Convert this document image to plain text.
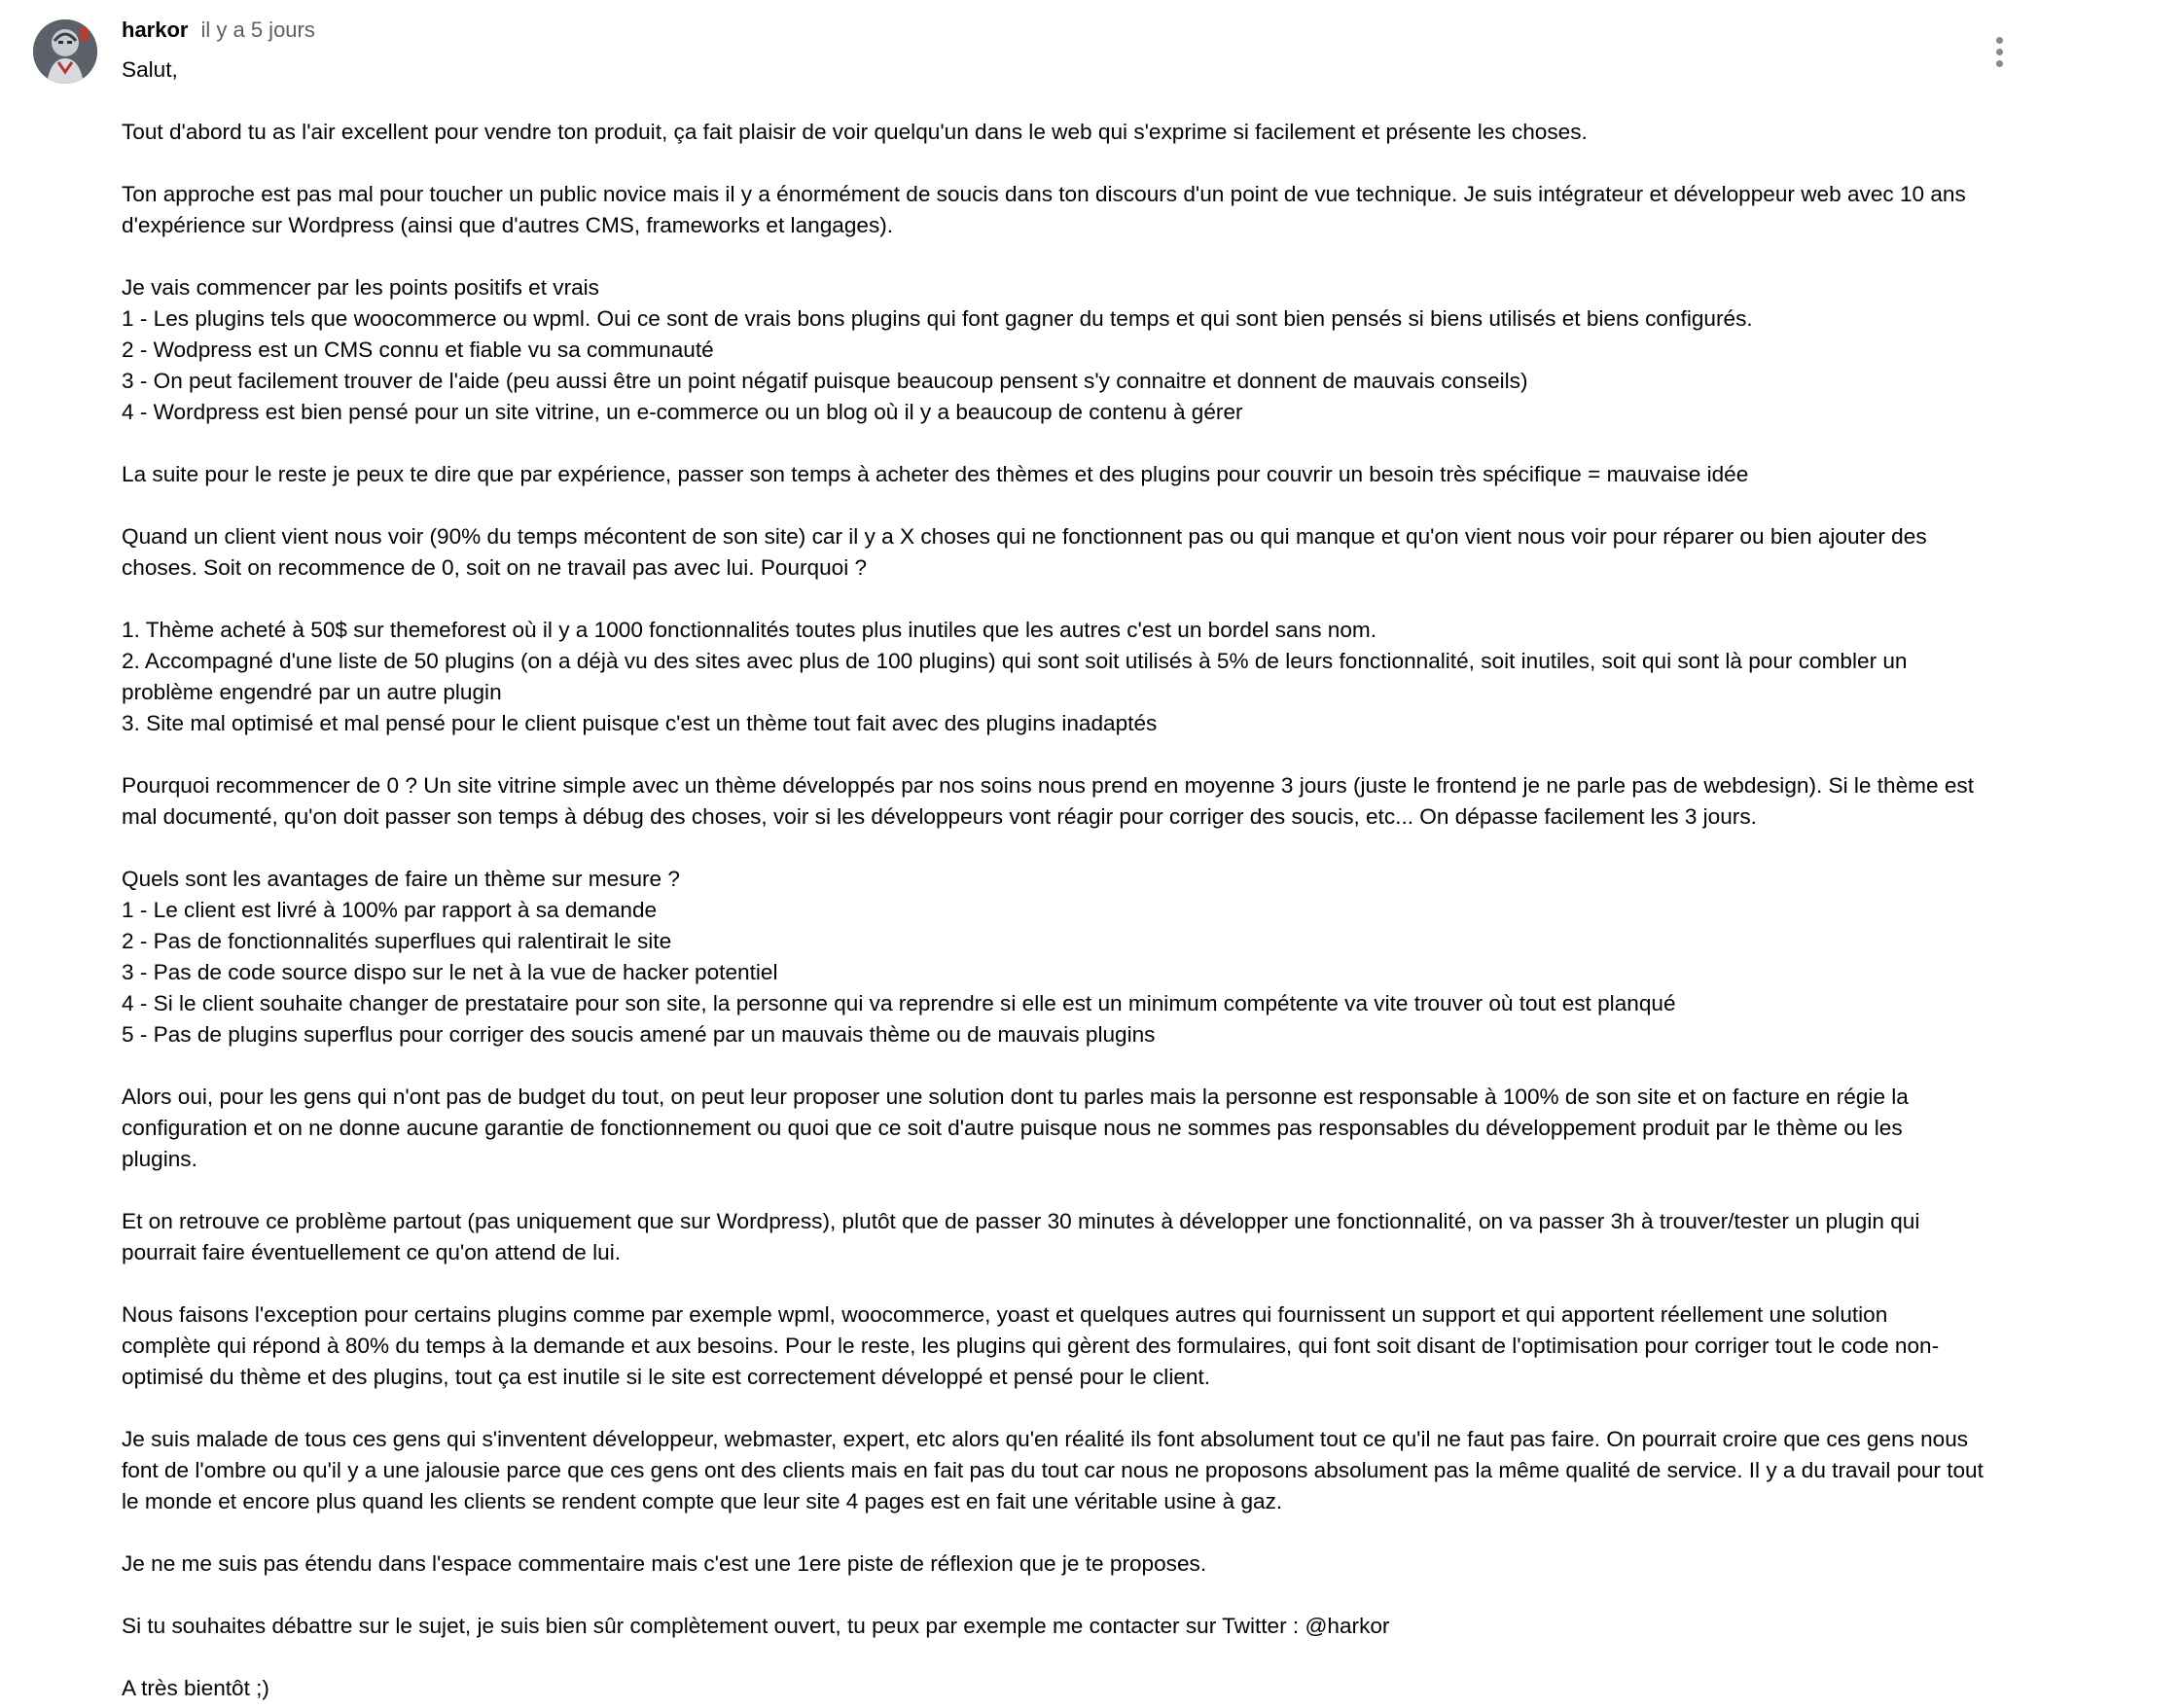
harkor il y a 5 jours
Salut,
Tout d'abord tu as l'air excellent pour vendre ton produit, ça fait plaisir de voir quelqu'un dans le web qui s'exprime si facilement et présente les choses.
Ton approche est pas mal pour toucher un public novice mais il y a énormément de soucis dans ton discours d'un point de vue technique. Je suis intégrateur et développeur web avec 10 ans
d'expérience sur Wordpress (ainsi que d'autres CMS, frameworks et langages).
Je vais commencer par les points positifs et vrais
1 - Les plugins tels que woocommerce ou wpml. Oui ce sont de vrais bons plugins qui font gagner du temps et qui sont bien pensés si biens utilisés et biens configurés.
2 - Wodpress est un CMS connu et fiable vu sa communauté
3 - On peut facilement trouver de l'aide (peu aussi être un point négatif puisque beaucoup pensent s'y connaitre et donnent de mauvais conseils)
4 - Wordpress est bien pensé pour un site vitrine, un e-commerce ou un blog où il y a beaucoup de contenu à gérer
La suite pour le reste je peux te dire que par expérience, passer son temps à acheter des thèmes et des plugins pour couvrir un besoin très spécifique = mauvaise idée
Quand un client vient nous voir (90% du temps mécontent de son site) car il y a X choses qui ne fonctionnent pas ou qui manque et qu'on vient nous voir pour réparer ou bien ajouter des
choses. Soit on recommence de 0, soit on ne travail pas avec lui. Pourquoi ?
1. Thème acheté à 50$ sur themeforest où il y a 1000 fonctionnalités toutes plus inutiles que les autres c'est un bordel sans nom.
2. Accompagné d'une liste de 50 plugins (on a déjà vu des sites avec plus de 100 plugins) qui sont soit utilisés à 5% de leurs fonctionnalité, soit inutiles, soit qui sont là pour combler un
problème engendré par un autre plugin
3. Site mal optimisé et mal pensé pour le client puisque c'est un thème tout fait avec des plugins inadaptés
Pourquoi recommencer de 0 ? Un site vitrine simple avec un thème développés par nos soins nous prend en moyenne 3 jours (juste le frontend je ne parle pas de webdesign). Si le thème est
mal documenté, qu'on doit passer son temps à débug des choses, voir si les développeurs vont réagir pour corriger des soucis, etc... On dépasse facilement les 3 jours.
Quels sont les avantages de faire un thème sur mesure ?
1 - Le client est livré à 100% par rapport à sa demande
2 - Pas de fonctionnalités superflues qui ralentirait le site
3 - Pas de code source dispo sur le net à la vue de hacker potentiel
4 - Si le client souhaite changer de prestataire pour son site, la personne qui va reprendre si elle est un minimum compétente va vite trouver où tout est planqué
5 - Pas de plugins superflus pour corriger des soucis amené par un mauvais thème ou de mauvais plugins
Alors oui, pour les gens qui n'ont pas de budget du tout, on peut leur proposer une solution dont tu parles mais la personne est responsable à 100% de son site et on facture en régie la
configuration et on ne donne aucune garantie de fonctionnement ou quoi que ce soit d'autre puisque nous ne sommes pas responsables du développement produit par le thème ou les
plugins.
Et on retrouve ce problème partout (pas uniquement que sur Wordpress), plutôt que de passer 30 minutes à développer une fonctionnalité, on va passer 3h à trouver/tester un plugin qui
pourrait faire éventuellement ce qu'on attend de lui.
Nous faisons l'exception pour certains plugins comme par exemple wpml, woocommerce, yoast et quelques autres qui fournissent un support et qui apportent réellement une solution
complète qui répond à 80% du temps à la demande et aux besoins. Pour le reste, les plugins qui gèrent des formulaires, qui font soit disant de l'optimisation pour corriger tout le code non-
optimisé du thème et des plugins, tout ça est inutile si le site est correctement développé et pensé pour le client.
Je suis malade de tous ces gens qui s'inventent développeur, webmaster, expert, etc alors qu'en réalité ils font absolument tout ce qu'il ne faut pas faire. On pourrait croire que ces gens nous
font de l'ombre ou qu'il y a une jalousie parce que ces gens ont des clients mais en fait pas du tout car nous ne proposons absolument pas la même qualité de service. Il y a du travail pour tout
le monde et encore plus quand les clients se rendent compte que leur site 4 pages est en fait une véritable usine à gaz.
Je ne me suis pas étendu dans l'espace commentaire mais c'est une 1ere piste de réflexion que je te proposes.
Si tu souhaites débattre sur le sujet, je suis bien sûr complètement ouvert, tu peux par exemple me contacter sur Twitter : @harkor
A très bientôt ;)
